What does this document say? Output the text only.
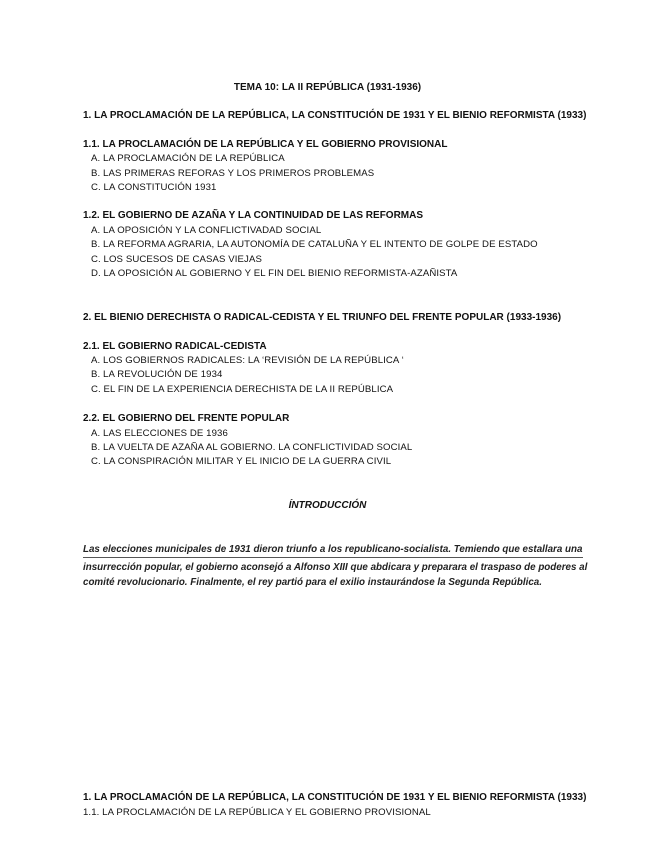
TEMA 10: LA II REPÚBLICA (1931-1936)
1. LA PROCLAMACIÓN DE LA REPÚBLICA, LA CONSTITUCIÓN DE 1931 Y EL BIENIO REFORMISTA (1933)
1.1. LA PROCLAMACIÓN DE LA REPÚBLICA Y EL GOBIERNO PROVISIONAL
A. LA PROCLAMACIÓN DE LA REPÚBLICA
B. LAS PRIMERAS REFORAS Y LOS PRIMEROS PROBLEMAS
C. LA CONSTITUCIÓN 1931
1.2. EL GOBIERNO DE AZAÑA Y LA CONTINUIDAD DE LAS REFORMAS
A. LA OPOSICIÓN Y LA CONFLICTIVADAD SOCIAL
B. LA REFORMA AGRARIA, LA AUTONOMÍA DE CATALUÑA Y EL INTENTO DE GOLPE DE ESTADO
C. LOS SUCESOS DE CASAS VIEJAS
D. LA OPOSICIÓN AL GOBIERNO Y EL FIN DEL BIENIO REFORMISTA-AZAÑISTA
2. EL BIENIO DERECHISTA O RADICAL-CEDISTA Y EL TRIUNFO DEL FRENTE POPULAR (1933-1936)
2.1. EL GOBIERNO RADICAL-CEDISTA
A. LOS GOBIERNOS RADICALES: LA ‘REVISIÓN DE LA REPÚBLICA ‘
B. LA REVOLUCIÓN DE 1934
C. EL FIN DE LA EXPERIENCIA DERECHISTA DE LA II REPÚBLICA
2.2. EL GOBIERNO DEL FRENTE POPULAR
A. LAS ELECCIONES DE 1936
B. LA VUELTA DE AZAÑA AL GOBIERNO. LA CONFLICTIVIDAD SOCIAL
C. LA CONSPIRACIÓN MILITAR Y EL INICIO DE LA GUERRA CIVIL
ÍNTRODUCCIÓN
Las elecciones municipales de 1931 dieron triunfo a los republicano-socialista. Temiendo que estallara una
insurrección popular, el gobierno aconsejó a Alfonso XIII que abdicara y preparara el traspaso de poderes al
comité revolucionario. Finalmente, el rey partió para el exilio instaurándose la Segunda República.
1. LA PROCLAMACIÓN DE LA REPÚBLICA, LA CONSTITUCIÓN DE 1931 Y EL BIENIO REFORMISTA (1933)
1.1. LA PROCLAMACIÓN DE LA REPÚBLICA Y EL GOBIERNO PROVISIONAL
